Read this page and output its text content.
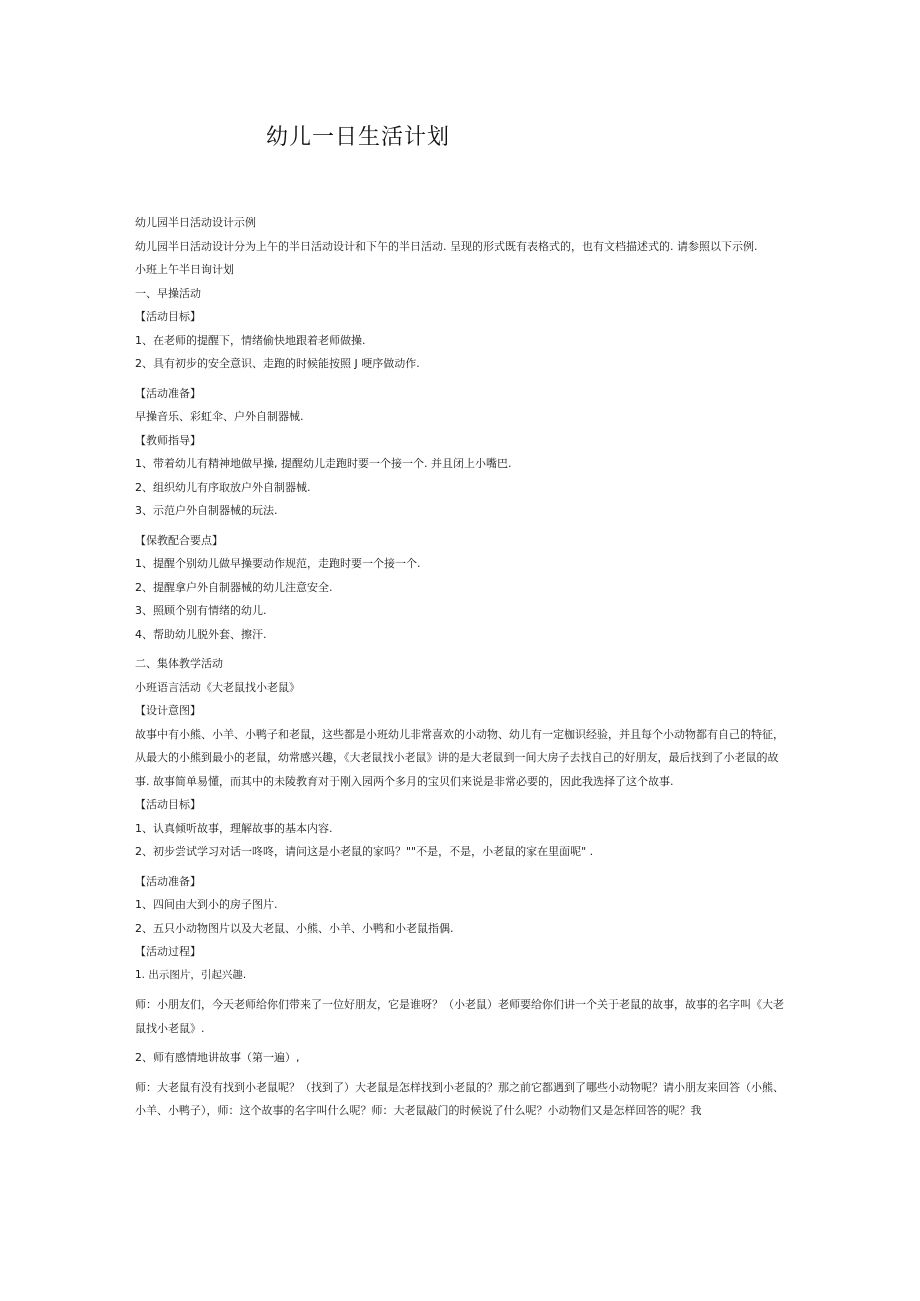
幼儿一日生活计划

幼儿园半日活动设计示例

幼儿园半日活动设计分为上午的半日活动设计和下午的半日活动. 呈现的形式既有表格式的，也有文档描述式的. 请参照以下示例.

小班上午半日询计划

一、早操活动

【活动目标】

1、在老师的提醒下，情绪偷快地跟着老师做操.

2、具有初步的安全意识、走跑的时候能按照 J 哽序做动作.

【活动准备】

早操音乐、彩虹伞、户外自制器械.

【教师指导】

1、带着幼儿有精神地做早操, 提醒幼儿走跑时要一个接一个. 并且闭上小嘴巴.

2、组织幼儿有序取放户外自制器械.

3、示范户外自制器械的玩法.

【保教配合要点】

1、提醒个别幼儿做早操要动作规范，走跑时要一个接一个.

2、提醒拿户外自制器械的幼儿注意安全.

3、照顾个别有情绪的幼儿.

4、帮助幼儿脱外套、擦汗.

二、集体教学活动

小班语言活动《大老鼠找小老鼠》

【设计意图】

故事中有小熊、小羊、小鸭子和老鼠，这些都是小班幼儿非常喜欢的小动物、幼儿有一定枷识经验，并且每个小动物都有自己的特征，从最大的小熊到最小的老鼠，幼常感兴趣，《大老鼠找小老鼠》讲的是大老鼠到一间大房子去找自己的好朋友，最后找到了小老鼠的故事. 故事简单易懂，而其中的未陵教育对于刚入园两个多月的宝贝们来说是非常必要的，因此我选择了这个故事.

【活动目标】

1、认真倾听故事，理解故事的基本内容.

2、初步尝试学习对话一咚咚，请问这是小老鼠的家吗？""不是，不是，小老鼠的家在里面呢" .

【活动准备】

1、四间由大到小的房子图片.

2、五只小动物图片以及大老鼠、小熊、小羊、小鸭和小老鼠指偶.

【活动过程】

1. 出示图片，引起兴趣.

师：小朋友们，今天老师给你们带来了一位好朋友，它是谁呀？（小老鼠）老师要给你们讲一个关于老鼠的故事，故事的名字叫《大老鼠找小老鼠》.

2、师有感情地讲故事（第一遍）,

师：大老鼠有没有找到小老鼠呢？（找到了）大老鼠是怎样找到小老鼠的？那之前它都遇到了哪些小动物呢？请小朋友来回答（小熊、小羊、小鸭子），师：这个故事的名字叫什么呢？师：大老鼠敲门的时候说了什么呢？小动物们又是怎样回答的呢？我
